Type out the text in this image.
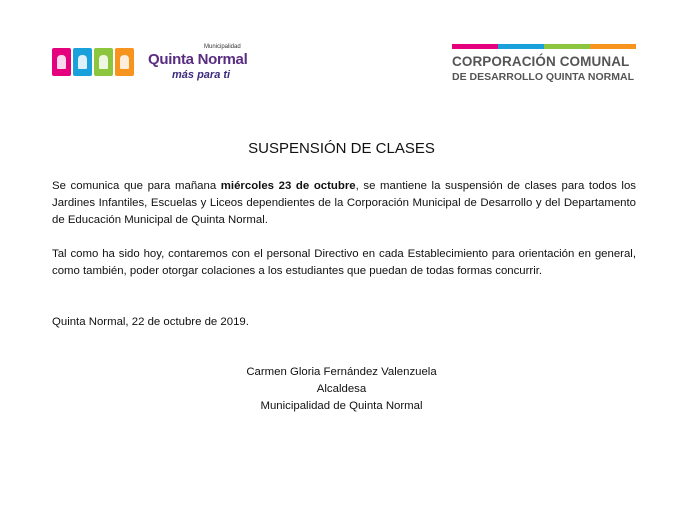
Municipalidad
Quinta Normal
más para ti
CORPORACIÓN COMUNAL
DE DESARROLLO QUINTA NORMAL
SUSPENSIÓN DE CLASES

Se comunica que para mañana miércoles 23 de octubre, se mantiene la suspensión de clases para todos los Jardines Infantiles, Escuelas y Liceos dependientes de la Corporación Municipal de Desarrollo y del Departamento de Educación Municipal de Quinta Normal.

Tal como ha sido hoy, contaremos con el personal Directivo en cada Establecimiento para orientación en general, como también, poder otorgar colaciones a los estudiantes que puedan de todas formas concurrir.

Quinta Normal, 22 de octubre de 2019.

Carmen Gloria Fernández Valenzuela
Alcaldesa
Municipalidad de Quinta Normal
